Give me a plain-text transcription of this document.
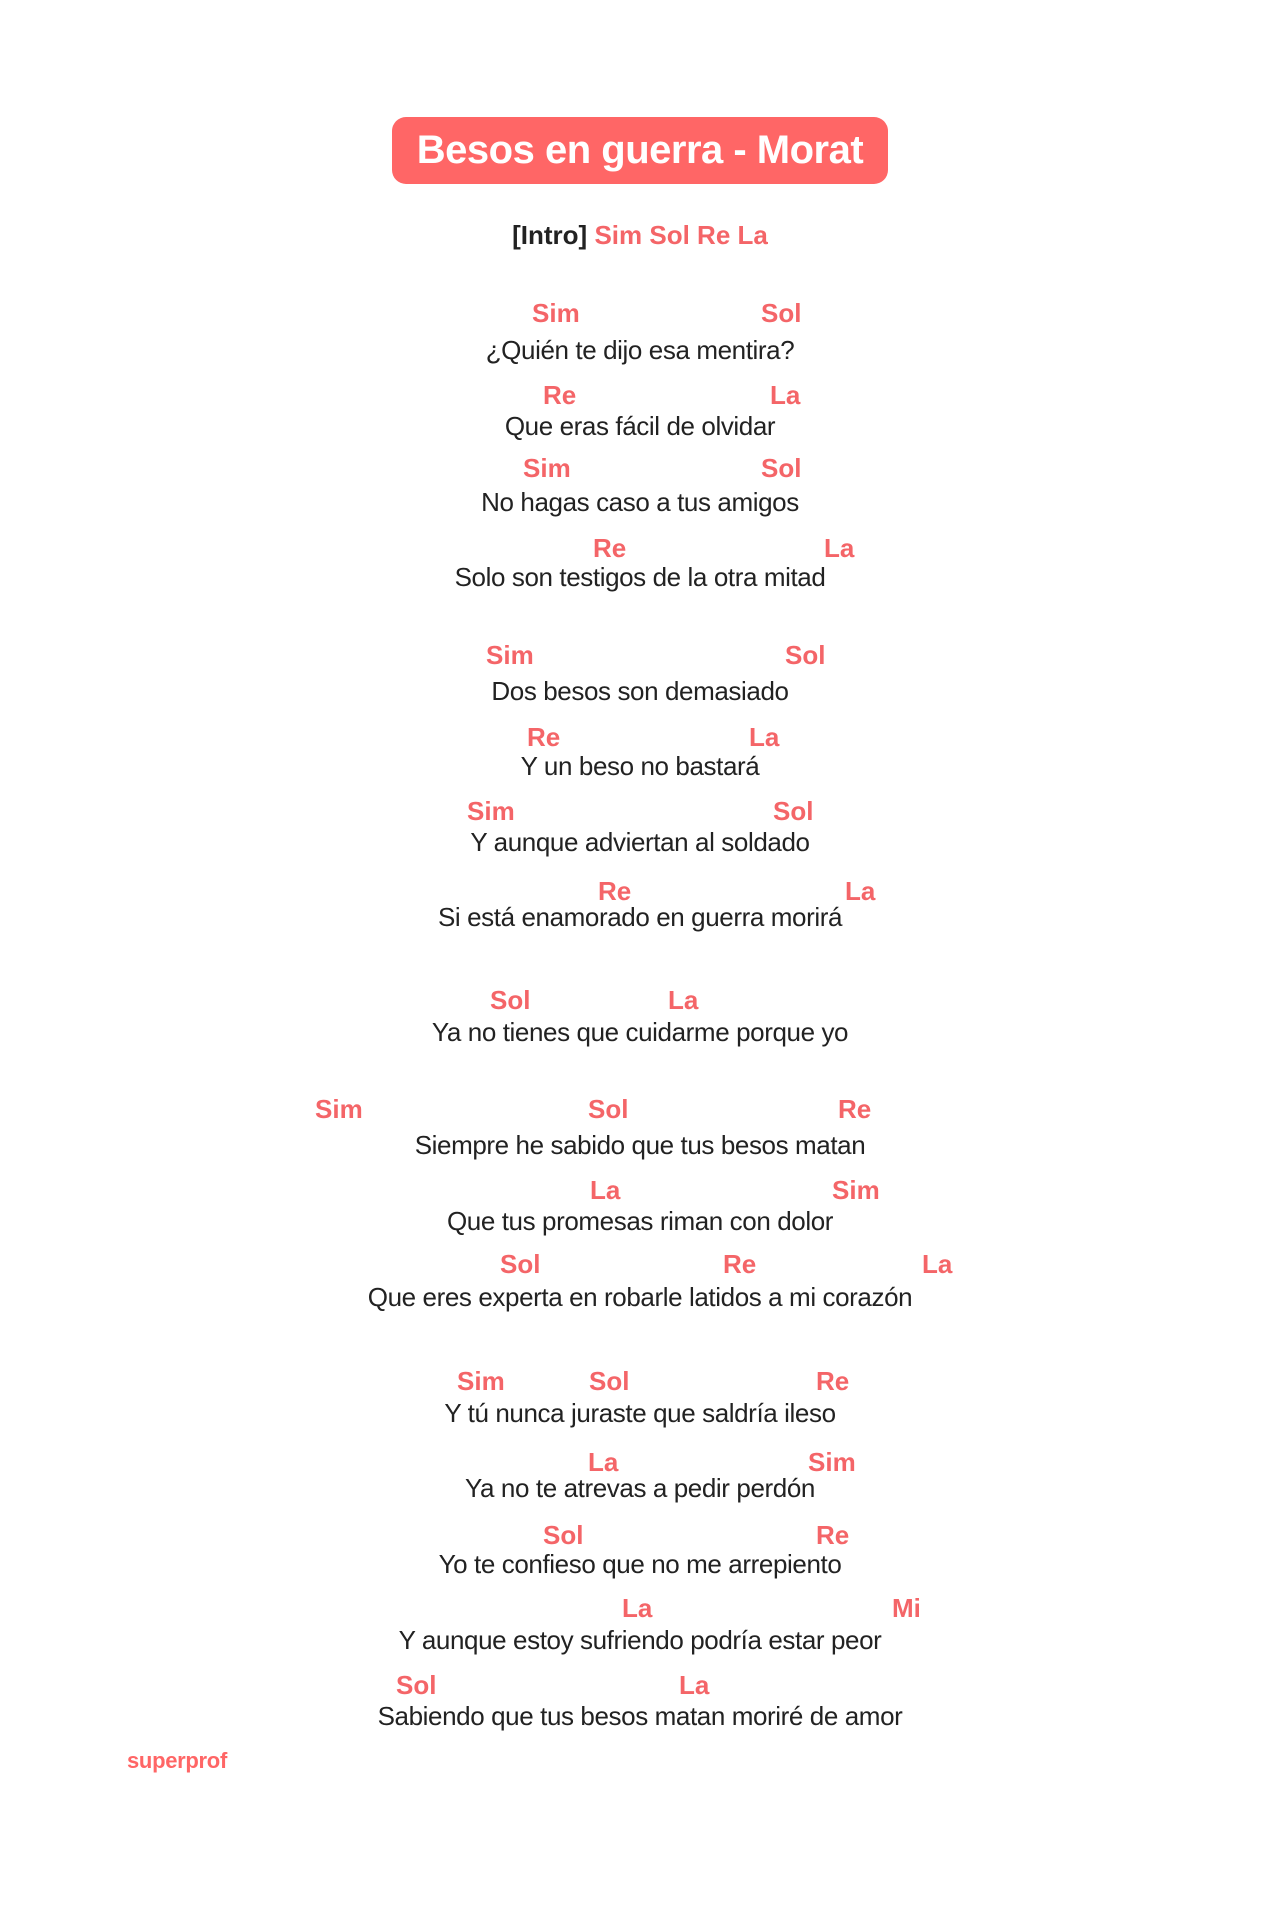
Besos en guerra - Morat
[Intro] Sim Sol Re La
Sim	Sol
¿Quién te dijo esa mentira?
Re	La
Que eras fácil de olvidar
Sim	Sol
No hagas caso a tus amigos
Re	La
Solo son testigos de la otra mitad
Sim	Sol
Dos besos son demasiado
Re	La
Y un beso no bastará
Sim	Sol
Y aunque adviertan al soldado
Re	La
Si está enamorado en guerra morirá
Sol	La
Ya no tienes que cuidarme porque yo
Sim	Sol	Re
Siempre he sabido que tus besos matan
La	Sim
Que tus promesas riman con dolor
Sol	Re	La
Que eres experta en robarle latidos a mi corazón
Sim	Sol	Re
Y tú nunca juraste que saldría ileso
La	Sim
Ya no te atrevas a pedir perdón
Sol	Re
Yo te confieso que no me arrepiento
La	Mi
Y aunque estoy sufriendo podría estar peor
Sol	La
Sabiendo que tus besos matan moriré de amor
superprof
